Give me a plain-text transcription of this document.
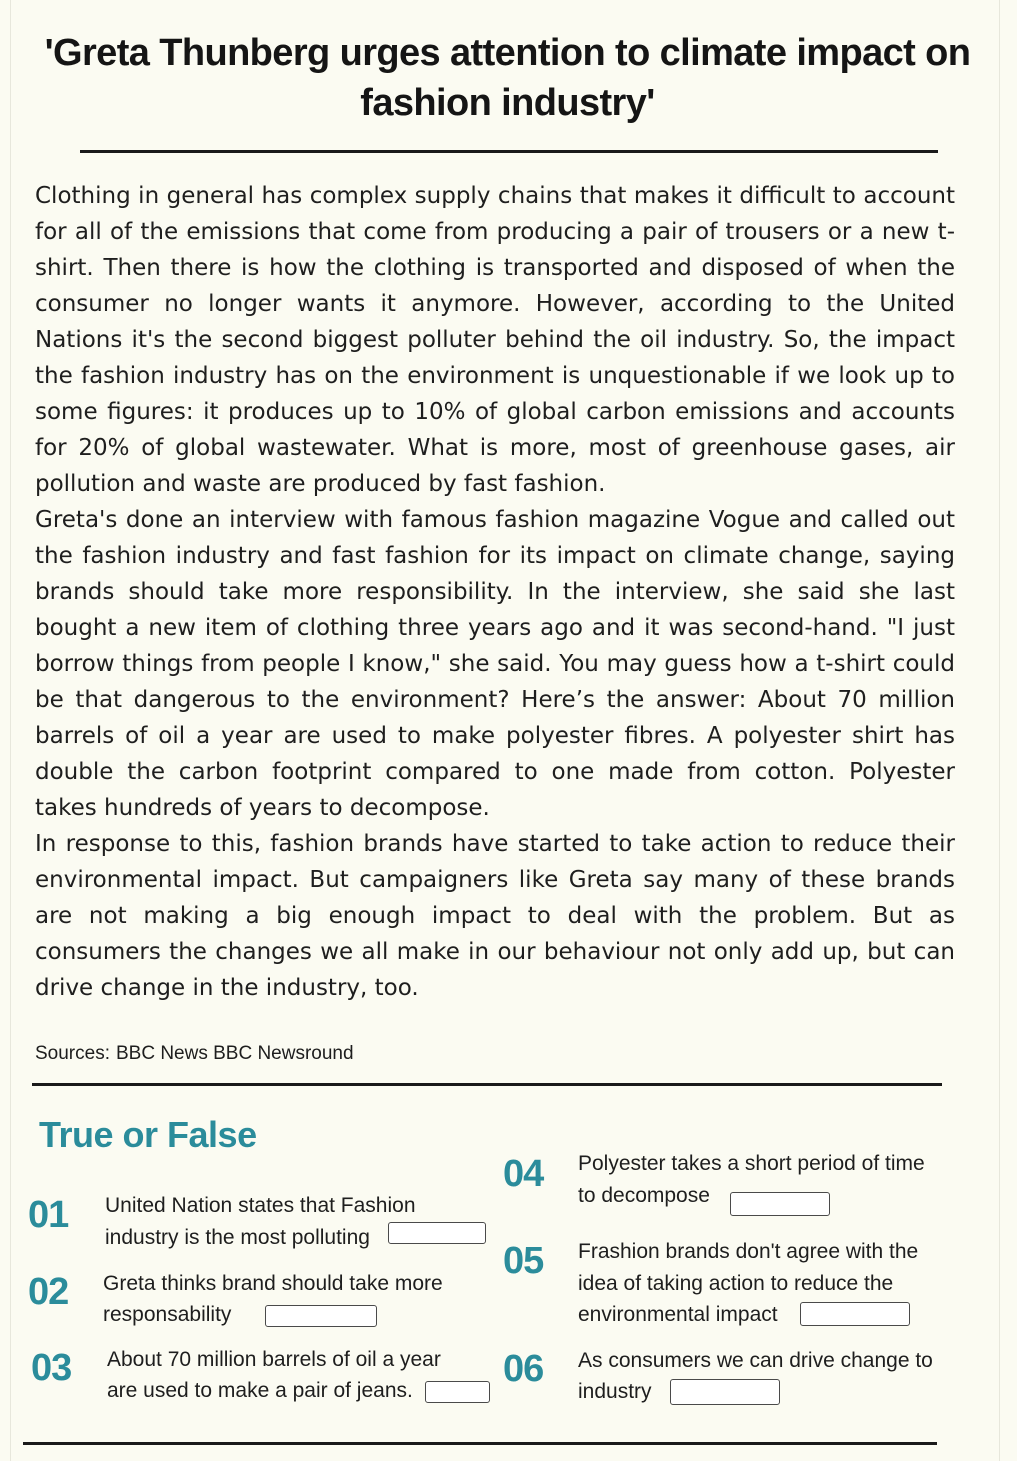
'Greta Thunberg urges attention to climate impact on
fashion industry'

Clothing in general has complex supply chains that makes it difficult to account for all of the emissions that come from producing a pair of trousers or a new t-shirt. Then there is how the clothing is transported and disposed of when the consumer no longer wants it anymore. However, according to the United Nations it's the second biggest polluter behind the oil industry. So, the impact the fashion industry has on the environment is unquestionable if we look up to some figures: it produces up to 10% of global carbon emissions and accounts for 20% of global wastewater. What is more, most of greenhouse gases, air pollution and waste are produced by fast fashion.

Greta's done an interview with famous fashion magazine Vogue and called out the fashion industry and fast fashion for its impact on climate change, saying brands should take more responsibility. In the interview, she said she last bought a new item of clothing three years ago and it was second-hand. "I just borrow things from people I know," she said. You may guess how a t-shirt could be that dangerous to the environment? Here’s the answer: About 70 million barrels of oil a year are used to make polyester fibres. A polyester shirt has double the carbon footprint compared to one made from cotton. Polyester takes hundreds of years to decompose.

In response to this, fashion brands have started to take action to reduce their environmental impact. But campaigners like Greta say many of these brands are not making a big enough impact to deal with the problem. But as consumers the changes we all make in our behaviour not only add up, but can drive change in the industry, too.

Sources: BBC News BBC Newsround
True or False
01 United Nation states that Fashion
industry is the most polluting
02 Greta thinks brand should take more
responsability
03 About 70 million barrels of oil a year
are used to make a pair of jeans.
04 Polyester takes a short period of time
to decompose
05 Frashion brands don't agree with the
idea of taking action to reduce the
environmental impact
06 As consumers we can drive change to
industry
